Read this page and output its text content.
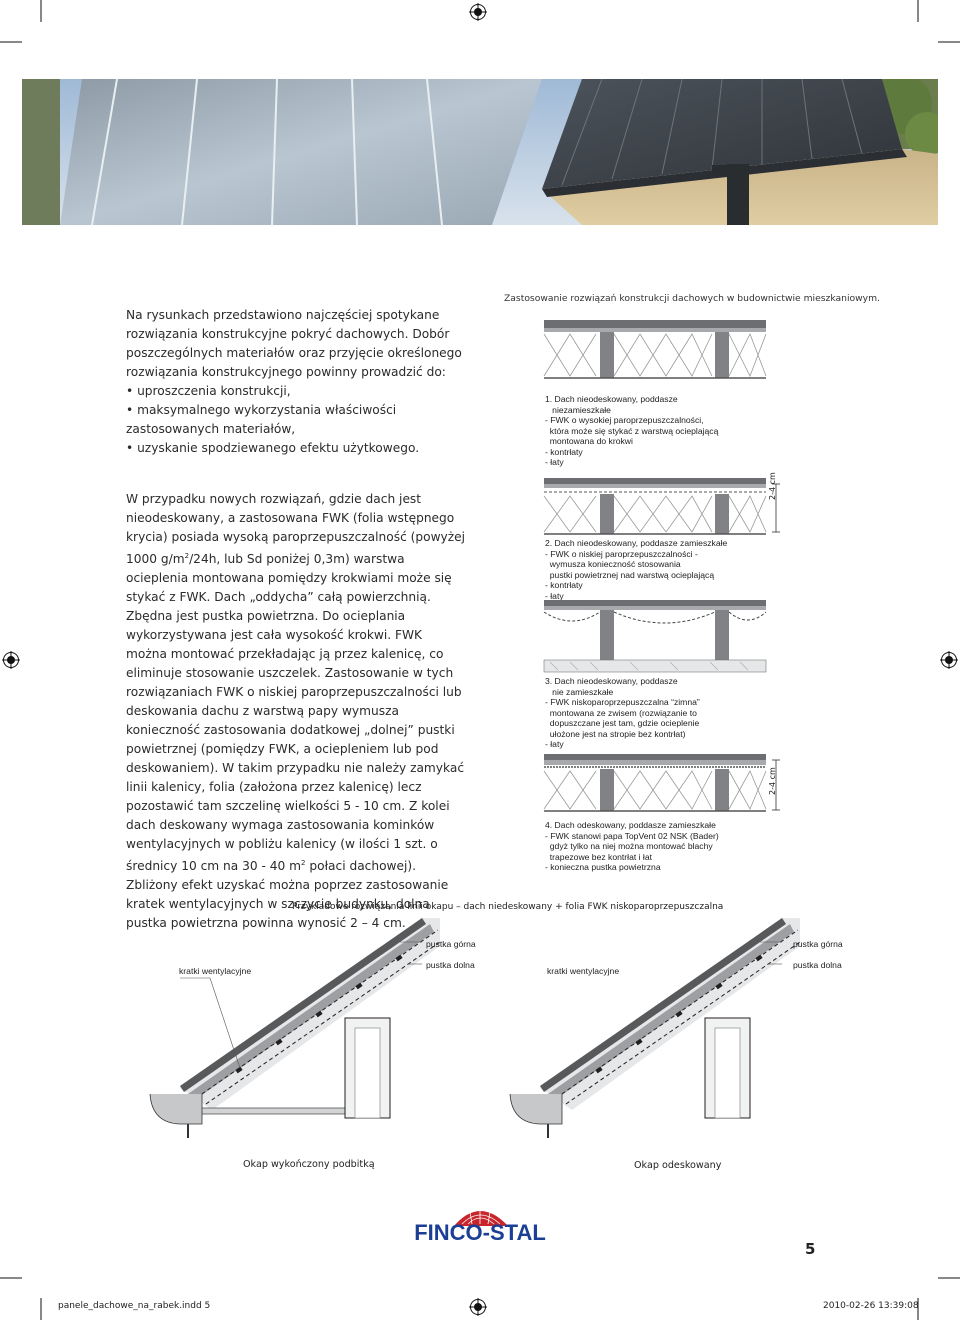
Na rysunkach przedstawiono najczęściej spotykane rozwiązania konstrukcyjne pokryć dachowych. Dobór poszczególnych materiałów oraz przyjęcie określonego rozwiązania konstrukcyjnego powinny prowadzić do:

• uproszczenia konstrukcji,
• maksymalnego wykorzystania właściwości zastosowanych materiałów,
• uzyskanie spodziewanego efektu użytkowego.

W przypadku nowych rozwiązań, gdzie dach jest nieodeskowany, a zastosowana FWK (folia wstępnego krycia) posiada wysoką paroprzepuszczalność (powyżej 1000 $g/m^2/24h$, lub Sd poniżej 0,3m) warstwa ocieplenia montowana pomiędzy krokwiami może się stykać z FWK. Dach „oddycha” całą powierzchnią. Zbędna jest pustka powietrzna. Do ocieplania wykorzystywana jest cała wysokość krokwi. FWK można montować przekładając ją przez kalenicę, co eliminuje stosowanie uszczelek. Zastosowanie w tych rozwiązaniach FWK o niskiej paroprzepuszczalności lub deskowania dachu z warstwą papy wymusza konieczność zastosowania dodatkowej „dolnej” pustki powietrznej (pomiędzy FWK, a ociepleniem lub pod deskowaniem). W takim przypadku nie należy zamykać linii kalenicy, folia (założona przez kalenicę) lecz pozostawić tam szczelinę wielkości 5 - 10 cm. Z kolei dach deskowany wymaga zastosowania kominków wentylacyjnych w pobliżu kalenicy (w ilości 1 szt. o średnicy 10 cm na 30 - 40 $m^2$ połaci dachowej). Zbliżony efekt uzyskać można poprzez zastosowanie kratek wentylacyjnych w szczycie budynku, dolna pustka powietrzna powinna wynosić 2 – 4 cm.

Zastosowanie rozwiązań konstrukcji dachowych w budownictwie mieszkaniowym.
1. Dach nieodeskowany, poddasze
niezamieszkałe
- FWK o wysokiej paroprzepuszczalności,
która może się stykać z warstwą ocieplającą
montowana do krokwi
- kontrłaty
- łaty
2-4 cm
2. Dach nieodeskowany, poddasze zamieszkałe
- FWK o niskiej paroprzepuszczalności -
wymusza konieczność stosowania
pustki powietrznej nad warstwą ocieplającą
- kontrłaty
- łaty
3. Dach nieodeskowany, poddasze
nie zamieszkałe
- FWK niskoparoprzepuszczalna “zimna”
montowana ze zwisem (rozwiązanie to
dopuszczane jest tam, gdzie ocieplenie
ułożone jest na stropie bez kontrłat)
- łaty
2-4 cm
4. Dach odeskowany, poddasze zamieszkałe
- FWK stanowi papa TopVent 02 NSK (Bader)
gdyż tylko na niej można montować blachy
trapezowe bez kontrłat i łat
- konieczna pustka powietrzna
Przykładowe rozwiązania linii okapu – dach niedeskowany + folia FWK niskoparoprzepuszczalna
pustka górna
pustka dolna
kratki wentylacyjne
pustka górna
pustka dolna
kratki wentylacyjne
Okap wykończony podbitką	Okap odeskowany
FINCO-STAL
5
panele_dachowe_na_rabek.indd 5	2010-02-26 13:39:08
